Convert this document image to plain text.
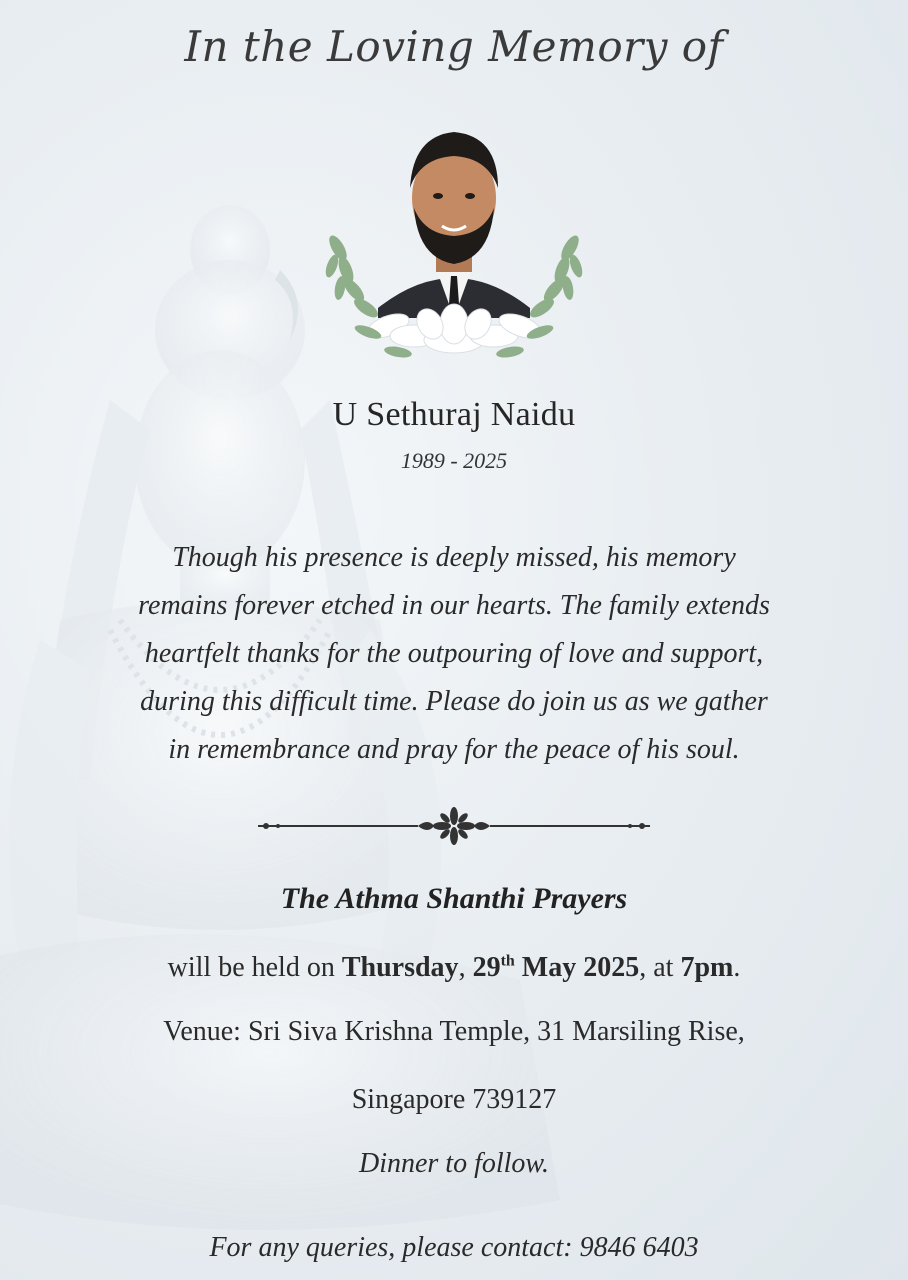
In the Loving Memory of
U Sethuraj Naidu
1989 - 2025
Though his presence is deeply missed, his memory
remains forever etched in our hearts. The family extends
heartfelt thanks for the outpouring of love and support,
during this difficult time. Please do join us as we gather
in remembrance and pray for the peace of his soul.
The Athma Shanthi Prayers
will be held on Thursday, 29th May 2025, at 7pm.
Venue: Sri Siva Krishna Temple, 31 Marsiling Rise,
Singapore 739127
Dinner to follow.
For any queries, please contact: 9846 6403
